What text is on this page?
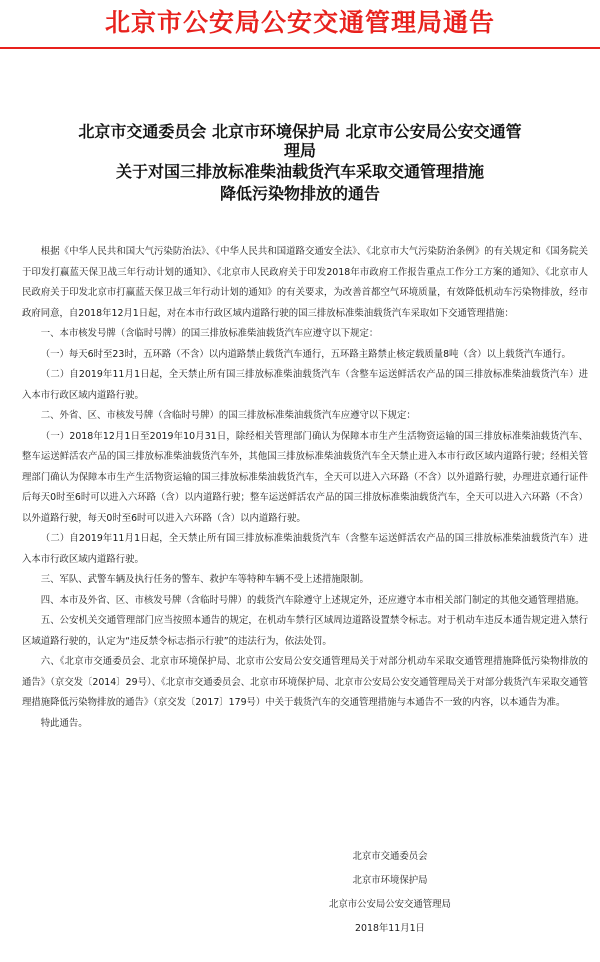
北京市公安局公安交通管理局通告
北京市交通委员会 北京市环境保护局 北京市公安局公安交通管
理局
关于对国三排放标准柴油载货汽车采取交通管理措施
降低污染物排放的通告

根据《中华人民共和国大气污染防治法》、《中华人民共和国道路交通安全法》、《北京市大气污染防治条例》的有关规定和《国务院关于印发打赢蓝天保卫战三年行动计划的通知》、《北京市人民政府关于印发2018年市政府工作报告重点工作分工方案的通知》、《北京市人民政府关于印发北京市打赢蓝天保卫战三年行动计划的通知》的有关要求，为改善首都空气环境质量，有效降低机动车污染物排放，经市政府同意，自2018年12月1日起，对在本市行政区域内道路行驶的国三排放标准柴油载货汽车采取如下交通管理措施：

一、本市核发号牌（含临时号牌）的国三排放标准柴油载货汽车应遵守以下规定：

（一）每天6时至23时，五环路（不含）以内道路禁止载货汽车通行，五环路主路禁止核定载质量8吨（含）以上载货汽车通行。

（二）自2019年11月1日起，全天禁止所有国三排放标准柴油载货汽车（含整车运送鲜活农产品的国三排放标准柴油载货汽车）进入本市行政区域内道路行驶。

二、外省、区、市核发号牌（含临时号牌）的国三排放标准柴油载货汽车应遵守以下规定：

（一）2018年12月1日至2019年10月31日，除经相关管理部门确认为保障本市生产生活物资运输的国三排放标准柴油载货汽车、整车运送鲜活农产品的国三排放标准柴油载货汽车外，其他国三排放标准柴油载货汽车全天禁止进入本市行政区域内道路行驶；经相关管理部门确认为保障本市生产生活物资运输的国三排放标准柴油载货汽车，全天可以进入六环路（不含）以外道路行驶，办理进京通行证件后每天0时至6时可以进入六环路（含）以内道路行驶；整车运送鲜活农产品的国三排放标准柴油载货汽车，全天可以进入六环路（不含）以外道路行驶，每天0时至6时可以进入六环路（含）以内道路行驶。

（二）自2019年11月1日起，全天禁止所有国三排放标准柴油载货汽车（含整车运送鲜活农产品的国三排放标准柴油载货汽车）进入本市行政区域内道路行驶。

三、军队、武警车辆及执行任务的警车、救护车等特种车辆不受上述措施限制。

四、本市及外省、区、市核发号牌（含临时号牌）的载货汽车除遵守上述规定外，还应遵守本市相关部门制定的其他交通管理措施。

五、公安机关交通管理部门应当按照本通告的规定，在机动车禁行区域周边道路设置禁令标志。对于机动车违反本通告规定进入禁行区域道路行驶的，认定为“违反禁令标志指示行驶”的违法行为，依法处罚。

六、《北京市交通委员会、北京市环境保护局、北京市公安局公安交通管理局关于对部分机动车采取交通管理措施降低污染物排放的通告》（京交发〔2014〕29号）、《北京市交通委员会、北京市环境保护局、北京市公安局公安交通管理局关于对部分载货汽车采取交通管理措施降低污染物排放的通告》（京交发〔2017〕179号）中关于载货汽车的交通管理措施与本通告不一致的内容，以本通告为准。

特此通告。

北京市交通委员会
北京市环境保护局
北京市公安局公安交通管理局
2018年11月1日
